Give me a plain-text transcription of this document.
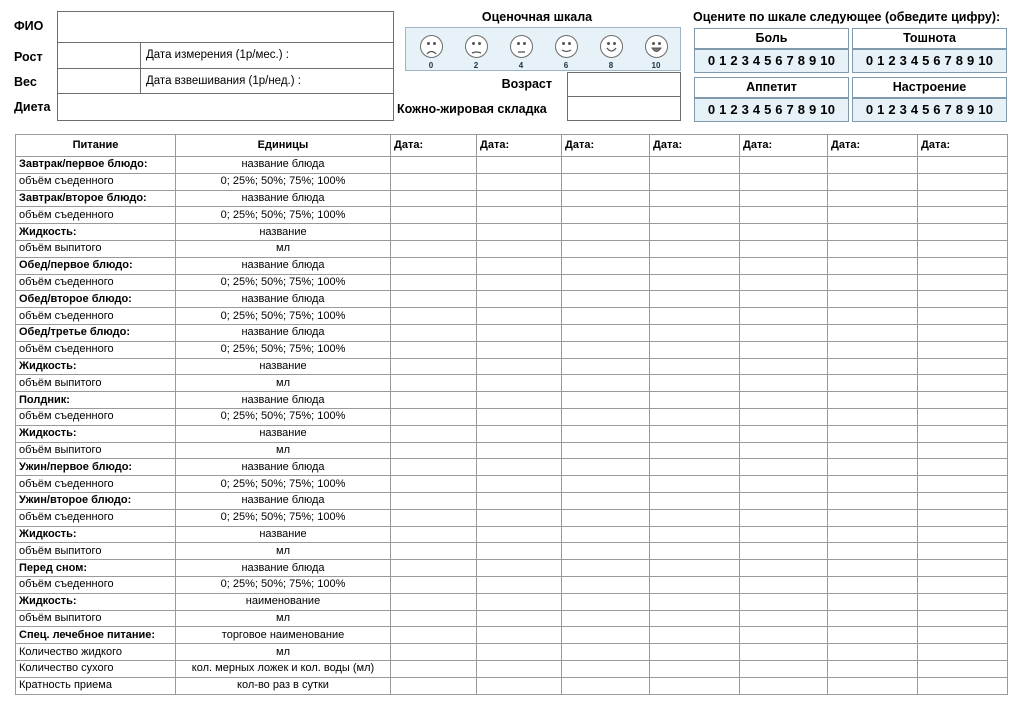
ФИО
Рост	Дата измерения (1р/мес.) :
Вес	Дата взвешивания (1р/нед.) :
Диета
Оценочная шкала
0	2	4	6	8	10
Возраст
Кожно-жировая складка
Оцените по шкале следующее (обведите цифру):
Боль
0 1 2 3 4 5 6 7 8 9 10
Тошнота
0 1 2 3 4 5 6 7 8 9 10
Аппетит
0 1 2 3 4 5 6 7 8 9 10
Настроение
0 1 2 3 4 5 6 7 8 9 10
Питание	Единицы	Дата:	Дата:	Дата:	Дата:	Дата:	Дата:	Дата:
Завтрак/первое блюдо:	название блюда							
объём съеденного	0; 25%; 50%; 75%; 100%							
Завтрак/второе блюдо:	название блюда							
объём съеденного	0; 25%; 50%; 75%; 100%							
Жидкость:	название							
объём выпитого	мл							
Обед/первое блюдо:	название блюда							
объём съеденного	0; 25%; 50%; 75%; 100%							
Обед/второе блюдо:	название блюда							
объём съеденного	0; 25%; 50%; 75%; 100%							
Обед/третье блюдо:	название блюда							
объём съеденного	0; 25%; 50%; 75%; 100%							
Жидкость:	название							
объём выпитого	мл							
Полдник:	название блюда							
объём съеденного	0; 25%; 50%; 75%; 100%							
Жидкость:	название							
объём выпитого	мл							
Ужин/первое блюдо:	название блюда							
объём съеденного	0; 25%; 50%; 75%; 100%							
Ужин/второе блюдо:	название блюда							
объём съеденного	0; 25%; 50%; 75%; 100%							
Жидкость:	название							
объём выпитого	мл							
Перед сном:	название блюда							
объём съеденного	0; 25%; 50%; 75%; 100%							
Жидкость:	наименование							
объём выпитого	мл							
Спец. лечебное питание:	торговое наименование							
Количество жидкого	мл							
Количество сухого	кол. мерных ложек и кол. воды (мл)							
Кратность приема	кол-во раз в сутки							
